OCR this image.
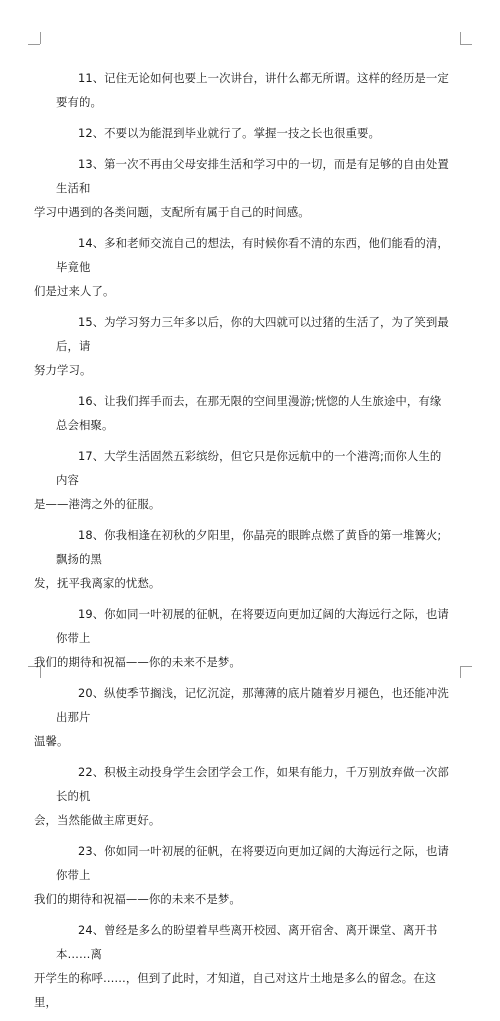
11、记住无论如何也要上一次讲台，讲什么都无所谓。这样的经历是一定要有的。
12、不要以为能混到毕业就行了。掌握一技之长也很重要。
13、第一次不再由父母安排生活和学习中的一切，而是有足够的自由处置生活和
学习中遇到的各类问题，支配所有属于自己的时间感。
14、多和老师交流自己的想法，有时候你看不清的东西，他们能看的清，毕竟他
们是过来人了。
15、为学习努力三年多以后，你的大四就可以过猪的生活了，为了笑到最后，请
努力学习。
16、让我们挥手而去，在那无限的空间里漫游;恍惚的人生旅途中，有缘总会相聚。
17、大学生活固然五彩缤纷，但它只是你远航中的一个港湾;而你人生的内容
是——港湾之外的征服。
18、你我相逢在初秋的夕阳里，你晶亮的眼眸点燃了黄昏的第一堆篝火;飘扬的黑
发，抚平我离家的忧愁。
19、你如同一叶初展的征帆，在将要迈向更加辽阔的大海远行之际，也请你带上
我们的期待和祝福——你的未来不是梦。
20、纵使季节搁浅，记忆沉淀，那薄薄的底片随着岁月褪色，也还能冲洗出那片
温馨。
22、积极主动投身学生会团学会工作，如果有能力，千万别放弃做一次部长的机
会，当然能做主席更好。
23、你如同一叶初展的征帆，在将要迈向更加辽阔的大海远行之际，也请你带上
我们的期待和祝福——你的未来不是梦。
24、曾经是多么的盼望着早些离开校园、离开宿舍、离开课堂、离开书本……离
开学生的称呼……，但到了此时，才知道，自己对这片土地是多么的留念。在这里，
